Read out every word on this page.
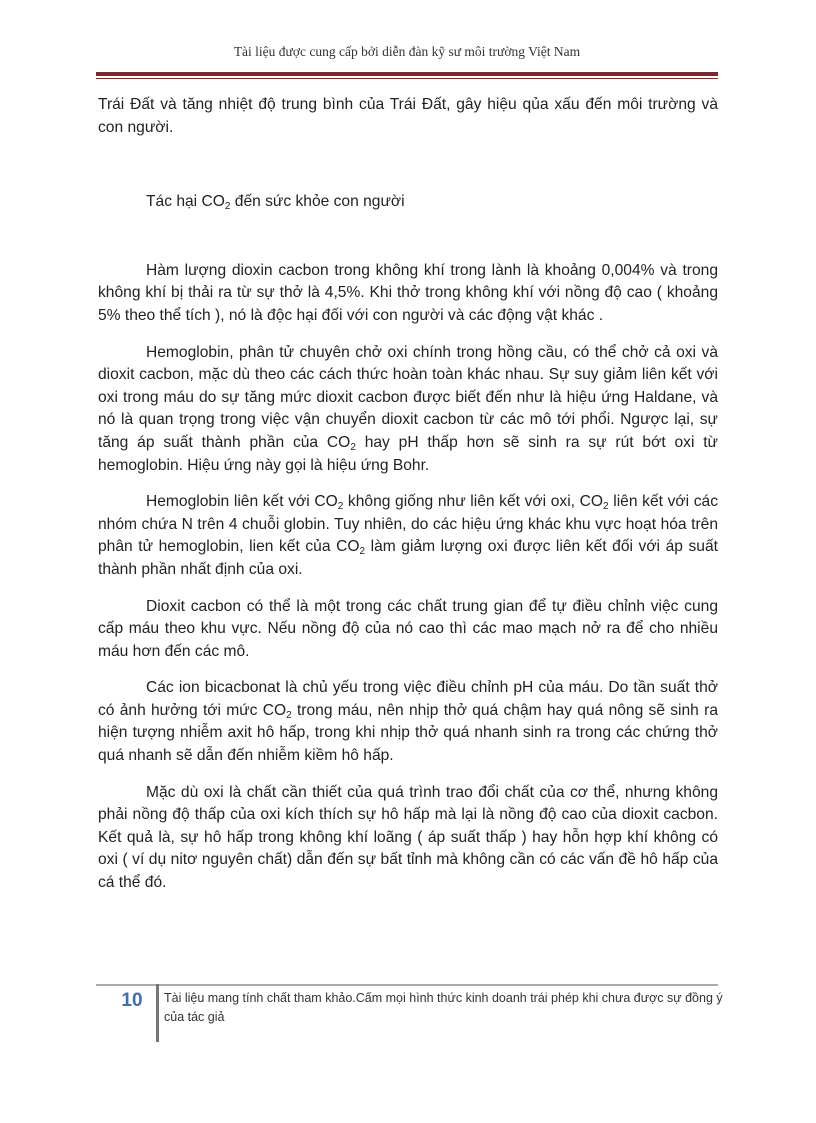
Tài liệu được cung cấp bởi diễn đàn kỹ sư môi trường Việt Nam

Trái Đất và tăng nhiệt độ trung bình của Trái Đất, gây hiệu qủa xấu đến môi trường và con người.

Tác hại $CO_2$ đến sức khỏe con người

Hàm lượng dioxin cacbon trong không khí trong lành là khoảng 0,004% và trong không khí bị thải ra từ sự thở là 4,5%. Khi thở trong không khí với nồng độ cao ( khoảng 5% theo thể tích ), nó là độc hại đối với con người và các động vật khác .

Hemoglobin, phân tử chuyên chở oxi chính trong hồng cầu, có thể chở cả oxi và dioxit cacbon, mặc dù theo các cách thức hoàn toàn khác nhau. Sự suy giảm liên kết với oxi trong máu do sự tăng mức dioxit cacbon được biết đến như là hiệu ứng Haldane, và nó là quan trọng trong việc vận chuyển dioxit cacbon từ các mô tới phổi. Ngược lại, sự tăng áp suất thành phần của $CO_2$ hay pH thấp hơn sẽ sinh ra sự rút bớt oxi từ hemoglobin. Hiệu ứng này gọi là hiệu ứng Bohr.

Hemoglobin liên kết với $CO_2$ không giống như liên kết với oxi, $CO_2$ liên kết với các nhóm chứa N trên 4 chuỗi globin. Tuy nhiên, do các hiệu ứng khác khu vực hoạt hóa trên phân tử hemoglobin, lien kết của $CO_2$ làm giảm lượng oxi được liên kết đối với áp suất thành phần nhất định của oxi.

Dioxit cacbon có thể là một trong các chất trung gian để tự điều chỉnh việc cung cấp máu theo khu vực. Nếu nồng độ của nó cao thì các mao mạch nở ra để cho nhiều máu hơn đến các mô.

Các ion bicacbonat là chủ yếu trong việc điều chỉnh pH của máu. Do tần suất thở có ảnh hưởng tới mức $CO_2$ trong máu, nên nhịp thở quá chậm hay quá nông sẽ sinh ra hiện tượng nhiễm axit hô hấp, trong khi nhịp thở quá nhanh sinh ra trong các chứng thở quá nhanh sẽ dẫn đến nhiễm kiềm hô hấp.

Mặc dù oxi là chất cần thiết của quá trình trao đổi chất của cơ thể, nhưng không phải nồng độ thấp của oxi kích thích sự hô hấp mà lại là nồng độ cao của dioxit cacbon. Kết quả là, sự hô hấp trong không khí loãng ( áp suất thấp ) hay hỗn hợp khí không có oxi ( ví dụ nitơ nguyên chất) dẫn đến sự bất tỉnh mà không cần có các vấn đề hô hấp của cá thể đó.

10	Tài liệu mang tính chất tham khảo.Cấm mọi hình thức kinh doanh trái phép khi chưa được sự đồng ý của tác giả
